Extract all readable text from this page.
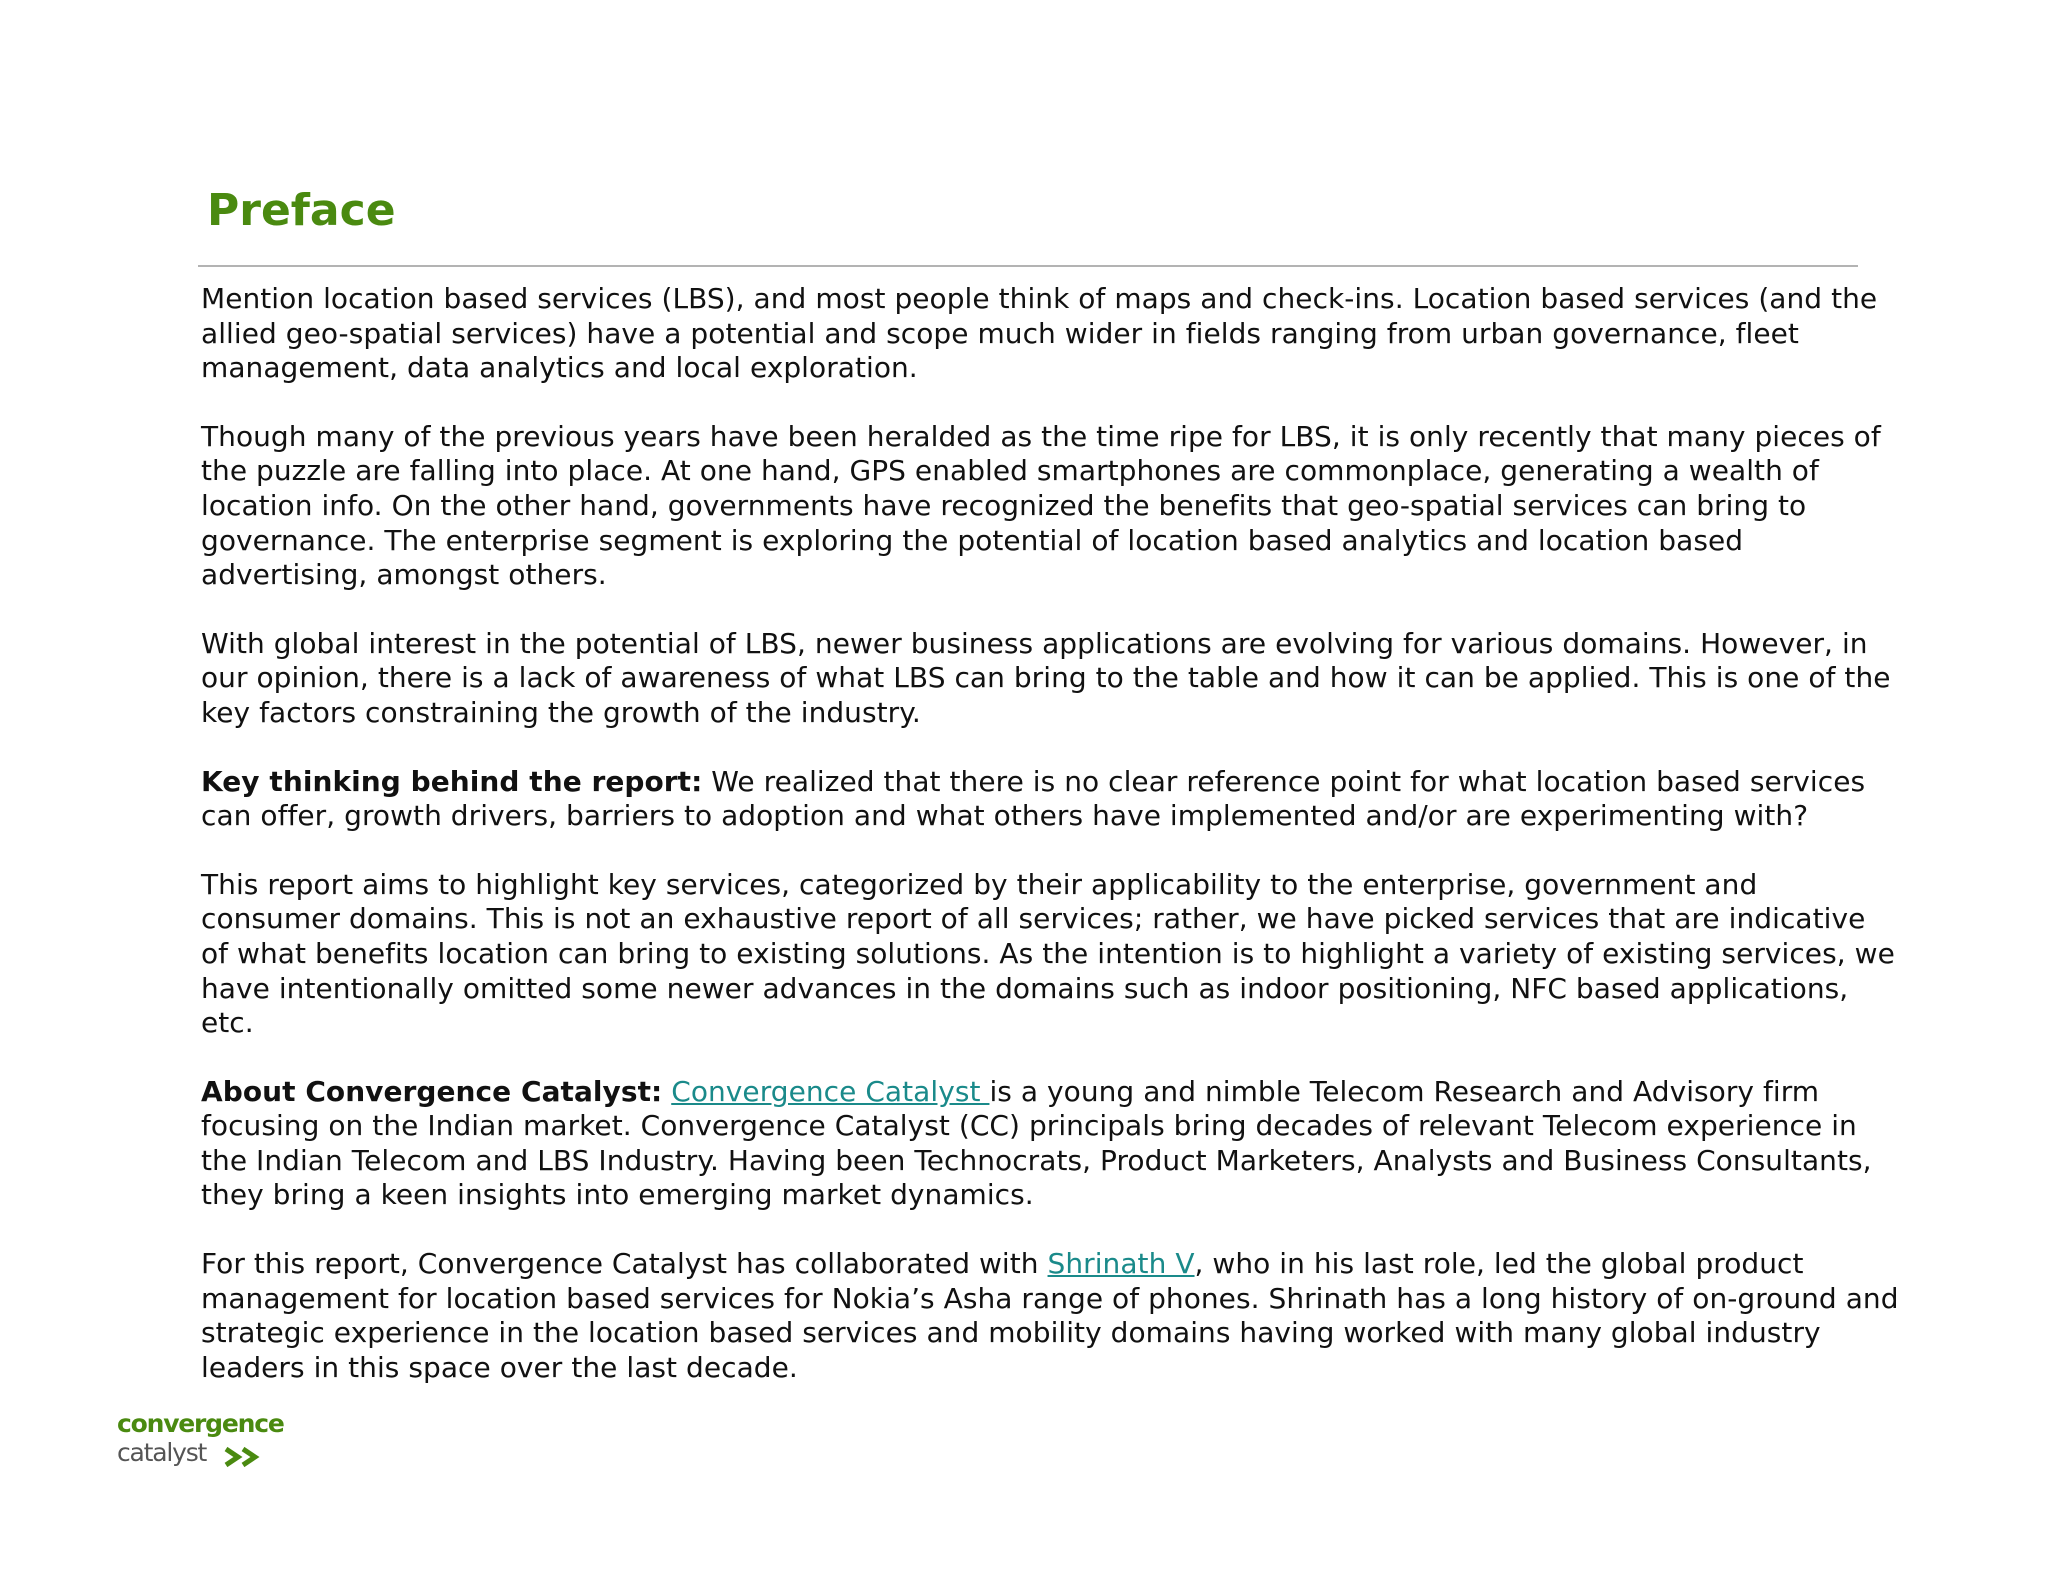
Preface

Mention location based services (LBS), and most people think of maps and check-ins. Location based services (and the allied geo-spatial services) have a potential and scope much wider in fields ranging from urban governance, fleet management, data analytics and local exploration.

Though many of the previous years have been heralded as the time ripe for LBS, it is only recently that many pieces of the puzzle are falling into place. At one hand, GPS enabled smartphones are commonplace, generating a wealth of location info. On the other hand, governments have recognized the benefits that geo-spatial services can bring to governance. The enterprise segment is exploring the potential of location based analytics and location based advertising, amongst others.

With global interest in the potential of LBS, newer business applications are evolving for various domains. However, in our opinion, there is a lack of awareness of what LBS can bring to the table and how it can be applied. This is one of the key factors constraining the growth of the industry.

Key thinking behind the report: We realized that there is no clear reference point for what location based services can offer, growth drivers, barriers to adoption and what others have implemented and/or are experimenting with?

This report aims to highlight key services, categorized by their applicability to the enterprise, government and consumer domains. This is not an exhaustive report of all services; rather, we have picked services that are indicative of what benefits location can bring to existing solutions. As the intention is to highlight a variety of existing services, we have intentionally omitted some newer advances in the domains such as indoor positioning, NFC based applications, etc.

About Convergence Catalyst: Convergence Catalyst is a young and nimble Telecom Research and Advisory firm focusing on the Indian market. Convergence Catalyst (CC) principals bring decades of relevant Telecom experience in the Indian Telecom and LBS Industry. Having been Technocrats, Product Marketers, Analysts and Business Consultants, they bring a keen insights into emerging market dynamics.

For this report, Convergence Catalyst has collaborated with Shrinath V, who in his last role, led the global product management for location based services for Nokia’s Asha range of phones. Shrinath has a long history of on-ground and strategic experience in the location based services and mobility domains having worked with many global industry leaders in this space over the last decade.

convergence
catalyst
